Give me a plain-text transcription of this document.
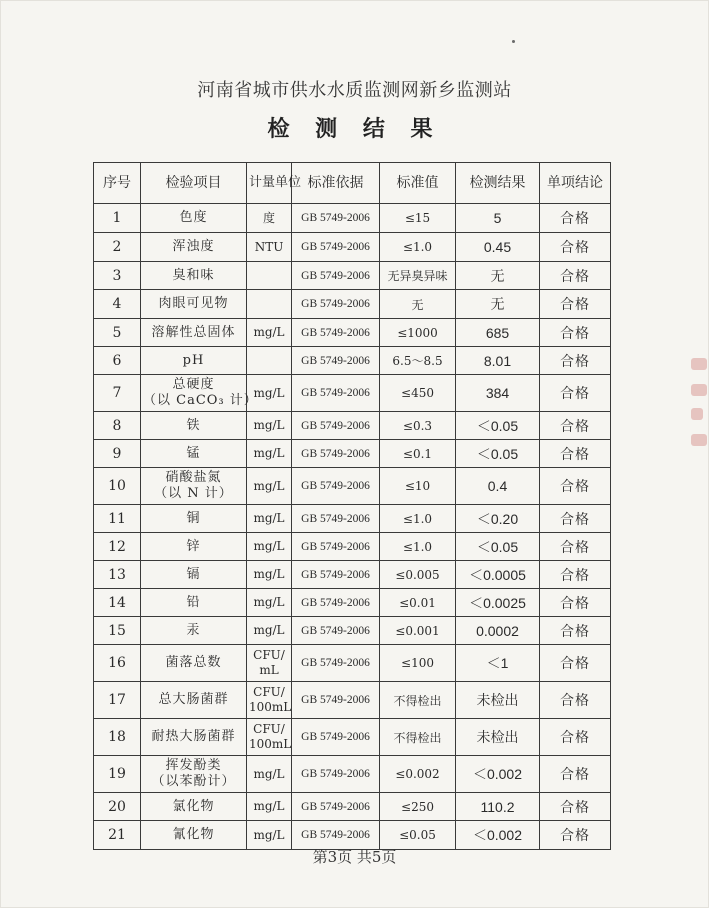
河南省城市供水水质监测网新乡监测站
检 测 结 果
序号	检验项目	计量单位	标准依据	标准值	检测结果	单项结论
1	色度	度	GB 5749-2006	≤15	5	合格
2	浑浊度	NTU	GB 5749-2006	≤1.0	0.45	合格
3	臭和味		GB 5749-2006	无异臭异味	无	合格
4	肉眼可见物		GB 5749-2006	无	无	合格
5	溶解性总固体	mg/L	GB 5749-2006	≤1000	685	合格
6	pH		GB 5749-2006	6.5～8.5	8.01	合格
7	总硬度
（以 CaCO₃ 计）	mg/L	GB 5749-2006	≤450	384	合格
8	铁	mg/L	GB 5749-2006	≤0.3	＜0.05	合格
9	锰	mg/L	GB 5749-2006	≤0.1	＜0.05	合格
10	硝酸盐氮
（以 N 计）	mg/L	GB 5749-2006	≤10	0.4	合格
11	铜	mg/L	GB 5749-2006	≤1.0	＜0.20	合格
12	锌	mg/L	GB 5749-2006	≤1.0	＜0.05	合格
13	镉	mg/L	GB 5749-2006	≤0.005	＜0.0005	合格
14	铅	mg/L	GB 5749-2006	≤0.01	＜0.0025	合格
15	汞	mg/L	GB 5749-2006	≤0.001	0.0002	合格
16	菌落总数	CFU/
mL	GB 5749-2006	≤100	＜1	合格
17	总大肠菌群	CFU/
100mL	GB 5749-2006	不得检出	未检出	合格
18	耐热大肠菌群	CFU/
100mL	GB 5749-2006	不得检出	未检出	合格
19	挥发酚类
（以苯酚计）	mg/L	GB 5749-2006	≤0.002	＜0.002	合格
20	氯化物	mg/L	GB 5749-2006	≤250	110.2	合格
21	氰化物	mg/L	GB 5749-2006	≤0.05	＜0.002	合格
第3页 共5页
